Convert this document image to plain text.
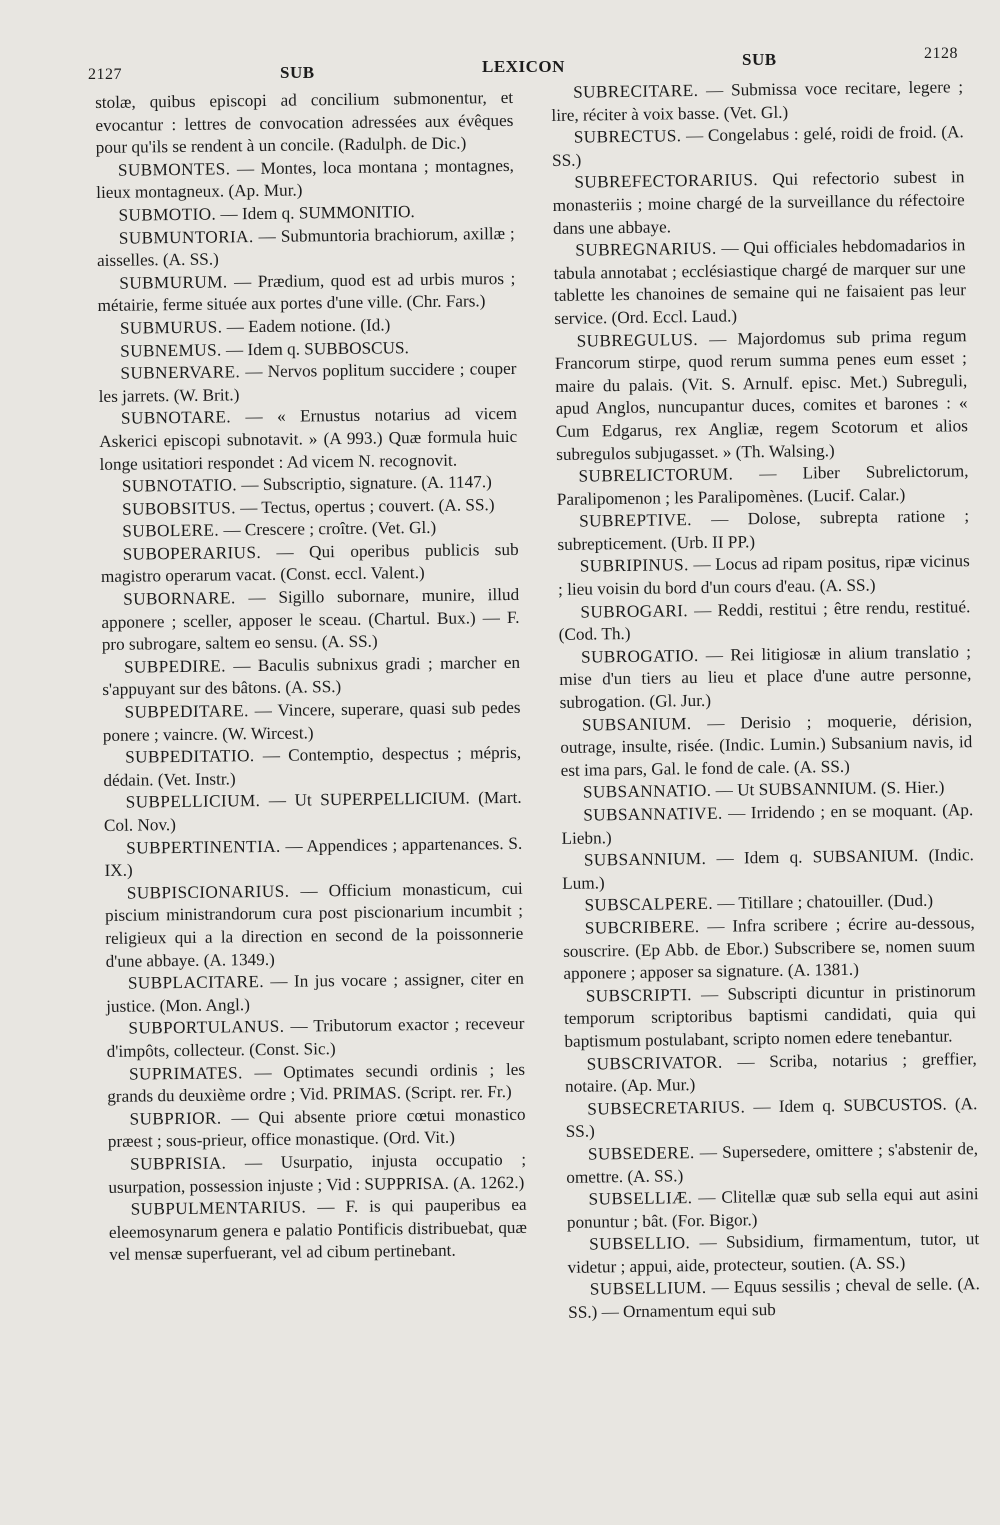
2127	SUB	LEXICON	SUB	2128

stolæ, quibus episcopi ad concilium submonentur, et evocantur : lettres de convocation adressées aux évêques pour qu'ils se rendent à un concile. (Radulph. de Dic.)

SUBMONTES. — Montes, loca montana ; montagnes, lieux montagneux. (Ap. Mur.)

SUBMOTIO. — Idem q. SUMMONITIO.

SUBMUNTORIA. — Submuntoria brachiorum, axillæ ; aisselles. (A. SS.)

SUBMURUM. — Prædium, quod est ad urbis muros ; métairie, ferme située aux portes d'une ville. (Chr. Fars.)

SUBMURUS. — Eadem notione. (Id.)

SUBNEMUS. — Idem q. SUBBOSCUS.

SUBNERVARE. — Nervos poplitum succidere ; couper les jarrets. (W. Brit.)

SUBNOTARE. — « Ernustus notarius ad vicem Askerici episcopi subnotavit. » (A 993.) Quæ formula huic longe usitatiori respondet : Ad vicem N. recognovit.

SUBNOTATIO. — Subscriptio, signature. (A. 1147.)

SUBOBSITUS. — Tectus, opertus ; couvert. (A. SS.)

SUBOLERE. — Crescere ; croître. (Vet. Gl.)

SUBOPERARIUS. — Qui operibus publicis sub magistro operarum vacat. (Const. eccl. Valent.)

SUBORNARE. — Sigillo subornare, munire, illud apponere ; sceller, apposer le sceau. (Chartul. Bux.) — F. pro subrogare, saltem eo sensu. (A. SS.)

SUBPEDIRE. — Baculis subnixus gradi ; marcher en s'appuyant sur des bâtons. (A. SS.)

SUBPEDITARE. — Vincere, superare, quasi sub pedes ponere ; vaincre. (W. Wircest.)

SUBPEDITATIO. — Contemptio, despectus ; mépris, dédain. (Vet. Instr.)

SUBPELLICIUM. — Ut SUPERPELLICIUM. (Mart. Col. Nov.)

SUBPERTINENTIA. — Appendices ; appartenances. S. IX.)

SUBPISCIONARIUS. — Officium monasticum, cui piscium ministrandorum cura post piscionarium incumbit ; religieux qui a la direction en second de la poissonnerie d'une abbaye. (A. 1349.)

SUBPLACITARE. — In jus vocare ; assigner, citer en justice. (Mon. Angl.)

SUBPORTULANUS. — Tributorum exactor ; receveur d'impôts, collecteur. (Const. Sic.)

SUPRIMATES. — Optimates secundi ordinis ; les grands du deuxième ordre ; Vid. PRIMAS. (Script. rer. Fr.)

SUBPRIOR. — Qui absente priore cœtui monastico præest ; sous-prieur, office monastique. (Ord. Vit.)

SUBPRISIA. — Usurpatio, injusta occupatio ; usurpation, possession injuste ; Vid : SUPPRISA. (A. 1262.)

SUBPULMENTARIUS. — F. is qui pauperibus ea eleemosynarum genera e palatio Pontificis distribuebat, quæ vel mensæ superfuerant, vel ad cibum pertinebant.

SUBRECITARE. — Submissa voce recitare, legere ; lire, réciter à voix basse. (Vet. Gl.)

SUBRECTUS. — Congelabus : gelé, roidi de froid. (A. SS.)

SUBREFECTORARIUS. Qui refectorio subest in monasteriis ; moine chargé de la surveillance du réfectoire dans une abbaye.

SUBREGNARIUS. — Qui officiales hebdomadarios in tabula annotabat ; ecclésiastique chargé de marquer sur une tablette les chanoines de semaine qui ne faisaient pas leur service. (Ord. Eccl. Laud.)

SUBREGULUS. — Majordomus sub prima regum Francorum stirpe, quod rerum summa penes eum esset ; maire du palais. (Vit. S. Arnulf. episc. Met.) Subreguli, apud Anglos, nuncupantur duces, comites et barones : « Cum Edgarus, rex Angliæ, regem Scotorum et alios subregulos subjugasset. » (Th. Walsing.)

SUBRELICTORUM. — Liber Subrelictorum, Paralipomenon ; les Paralipomènes. (Lucif. Calar.)

SUBREPTIVE. — Dolose, subrepta ratione ; subrepticement. (Urb. II PP.)

SUBRIPINUS. — Locus ad ripam positus, ripæ vicinus ; lieu voisin du bord d'un cours d'eau. (A. SS.)

SUBROGARI. — Reddi, restitui ; être rendu, restitué. (Cod. Th.)

SUBROGATIO. — Rei litigiosæ in alium translatio ; mise d'un tiers au lieu et place d'une autre personne, subrogation. (Gl. Jur.)

SUBSANIUM. — Derisio ; moquerie, dérision, outrage, insulte, risée. (Indic. Lumin.) Subsanium navis, id est ima pars, Gal. le fond de cale. (A. SS.)

SUBSANNATIO. — Ut SUBSANNIUM. (S. Hier.)

SUBSANNATIVE. — Irridendo ; en se moquant. (Ap. Liebn.)

SUBSANNIUM. — Idem q. SUBSANIUM. (Indic. Lum.)

SUBSCALPERE. — Titillare ; chatouiller. (Dud.)

SUBCRIBERE. — Infra scribere ; écrire au-dessous, souscrire. (Ep Abb. de Ebor.) Subscribere se, nomen suum apponere ; apposer sa signature. (A. 1381.)

SUBSCRIPTI. — Subscripti dicuntur in pristinorum temporum scriptoribus baptismi candidati, quia qui baptismum postulabant, scripto nomen edere tenebantur.

SUBSCRIVATOR. — Scriba, notarius ; greffier, notaire. (Ap. Mur.)

SUBSECRETARIUS. — Idem q. SUBCUSTOS. (A. SS.)

SUBSEDERE. — Supersedere, omittere ; s'abstenir de, omettre. (A. SS.)

SUBSELLIÆ. — Clitellæ quæ sub sella equi aut asini ponuntur ; bât. (For. Bigor.)

SUBSELLIO. — Subsidium, firmamentum, tutor, ut videtur ; appui, aide, protecteur, soutien. (A. SS.)

SUBSELLIUM. — Equus sessilis ; cheval de selle. (A. SS.) — Ornamentum equi sub
